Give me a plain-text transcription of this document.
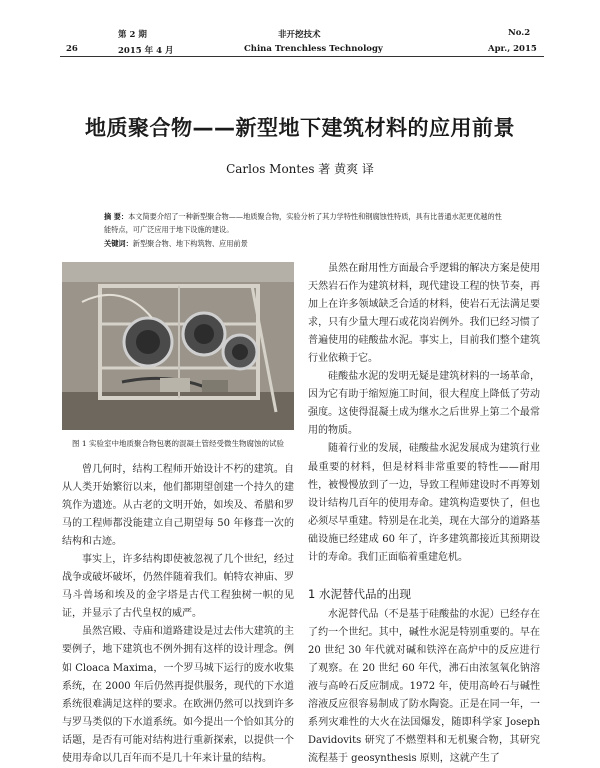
第 2 期
26	2015 年 4 月
非开挖技术
China Trenchless Technology
No.2
Apr., 2015
地质聚合物——新型地下建筑材料的应用前景
Carlos Montes 著 黄爽 译
摘 要：本文简要介绍了一种新型聚合物——地质聚合物，实验分析了其力学特性和钢腐蚀性特质，具有比普通水泥更优越的性能特点，可广泛应用于地下设施的建设。
关键词：新型聚合物、地下构筑物、应用前景
图 1 实验室中地质聚合物包裹的混凝土管经受微生物腐蚀的试验

曾几何时，结构工程师开始设计不朽的建筑。自从人类开始繁衍以来，他们都期望创建一个持久的建筑作为遗迹。从古老的文明开始，如埃及、希腊和罗马的工程师都没能建立自己期望每 50 年修葺一次的结构和古迹。

事实上，许多结构即使被忽视了几个世纪，经过战争或破坏破坏，仍然伴随着我们。帕特农神庙、罗马斗兽场和埃及的金字塔是古代工程独树一帜的见证，并显示了古代皇权的威严。

虽然宫殿、寺庙和道路建设是过去伟大建筑的主要例子，地下建筑也不例外拥有这样的设计理念。例如 Cloaca Maxima，一个罗马城下运行的废水收集系统，在 2000 年后仍然再提供服务，现代的下水道系统很难满足这样的要求。在欧洲仍然可以找到许多与罗马类似的下水道系统。如今提出一个恰如其分的话题，是否有可能对结构进行重新探索，以提供一个使用寿命以几百年而不是几十年来计量的结构。

虽然在耐用性方面最合乎逻辑的解决方案是使用天然岩石作为建筑材料，现代建设工程的快节奏，再加上在许多领域缺乏合适的材料，使岩石无法满足要求，只有少量大理石或花岗岩例外。我们已经习惯了普遍使用的硅酸盐水泥。事实上，目前我们整个建筑行业依赖于它。

硅酸盐水泥的发明无疑是建筑材料的一场革命，因为它有助于缩短施工时间，很大程度上降低了劳动强度。这使得混凝土成为继水之后世界上第二个最常用的物质。

随着行业的发展，硅酸盐水泥发展成为建筑行业最重要的材料，但是材料非常重要的特性——耐用性，被慢慢放到了一边，导致工程师建设时不再筹划设计结构几百年的使用寿命。建筑构造要快了，但也必须尽早重建。特别是在北美，现在大部分的道路基础设施已经建成 60 年了，许多建筑都接近其预期设计的寿命。我们正面临着重建危机。

1 水泥替代品的出现

水泥替代品（不是基于硅酸盐的水泥）已经存在了约一个世纪。其中，碱性水泥是特别重要的。早在 20 世纪 30 年代就对碱和铁淬在高炉中的反应进行了观察。在 20 世纪 60 年代，沸石由浓氢氧化钠溶液与高岭石反应制成。1972 年，使用高岭石与碱性溶液反应很容易制成了防水陶瓷。正是在同一年，一系列灾难性的大火在法国爆发，随即科学家 Joseph Davidovits 研究了不燃塑料和无机聚合物，其研究流程基于 geosynthesis 原则，这就产生了
